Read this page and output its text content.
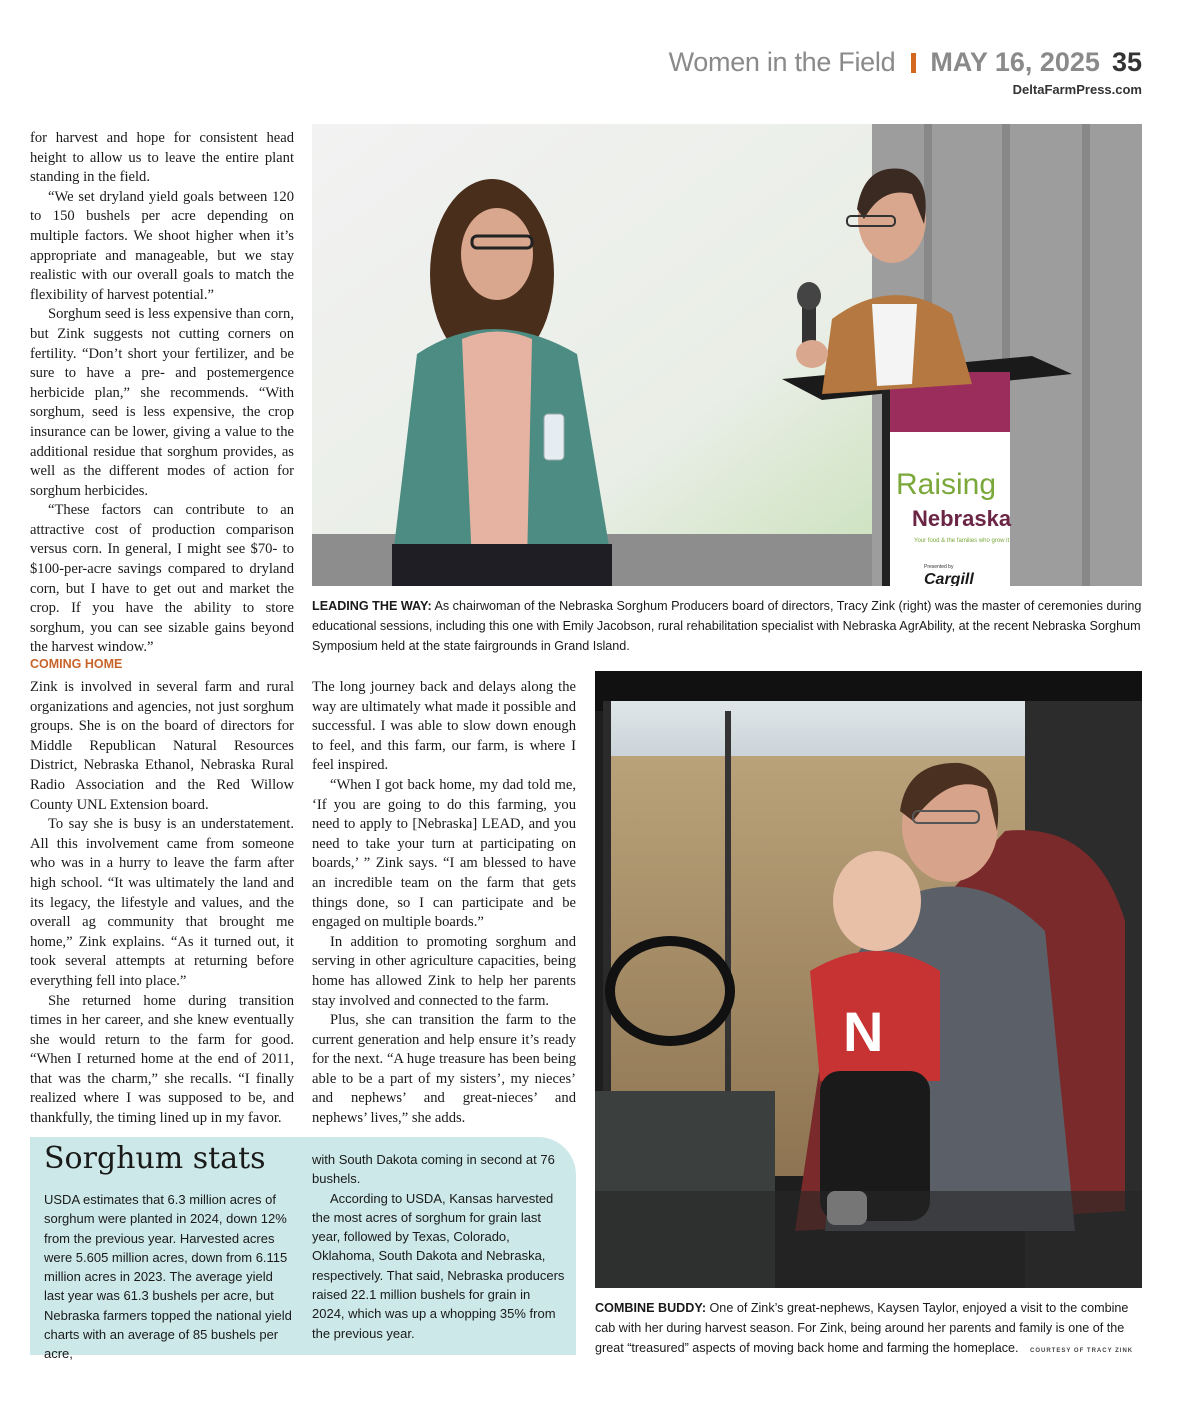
Women in the Field MAY 16, 2025 35
DeltaFarmPress.com

for harvest and hope for consistent head height to allow us to leave the entire plant standing in the field.

“We set dryland yield goals between 120 to 150 bushels per acre depending on multiple factors. We shoot higher when it’s appropriate and manageable, but we stay realistic with our overall goals to match the flexibility of harvest potential.”

Sorghum seed is less expensive than corn, but Zink suggests not cutting corners on fertility. “Don’t short your fertilizer, and be sure to have a pre- and postemergence herbicide plan,” she recommends. “With sorghum, seed is less expensive, the crop insurance can be lower, giving a value to the additional residue that sorghum provides, as well as the different modes of action for sorghum herbicides.

“These factors can contribute to an attractive cost of production comparison versus corn. In general, I might see $70- to $100-per-acre savings compared to dryland corn, but I have to get out and market the crop. If you have the ability to store sorghum, you can see sizable gains beyond the harvest window.”

COMING HOME

Zink is involved in several farm and rural organizations and agencies, not just sorghum groups. She is on the board of directors for Middle Republican Natural Resources District, Nebraska Ethanol, Nebraska Rural Radio Association and the Red Willow County UNL Extension board.

To say she is busy is an understatement. All this involvement came from someone who was in a hurry to leave the farm after high school. “It was ultimately the land and its legacy, the lifestyle and values, and the overall ag community that brought me home,” Zink explains. “As it turned out, it took several attempts at returning before everything fell into place.”

She returned home during transition times in her career, and she knew eventually she would return to the farm for good. “When I returned home at the end of 2011, that was the charm,” she recalls. “I finally realized where I was supposed to be, and thankfully, the timing lined up in my favor.

The long journey back and delays along the way are ultimately what made it possible and successful. I was able to slow down enough to feel, and this farm, our farm, is where I feel inspired.

“When I got back home, my dad told me, ‘If you are going to do this farming, you need to apply to [Nebraska] LEAD, and you need to take your turn at participating on boards,’ ” Zink says. “I am blessed to have an incredible team on the farm that gets things done, so I can participate and be engaged on multiple boards.”

In addition to promoting sorghum and serving in other agriculture capacities, being home has allowed Zink to help her parents stay involved and connected to the farm.

Plus, she can transition the farm to the current generation and help ensure it’s ready for the next. “A huge treasure has been being able to be a part of my sisters’, my nieces’ and nephews’ and great-nieces’ and nephews’ lives,” she adds.

Raising
Nebraska
Your food & the families who grow it
Presented by
Cargill
LEADING THE WAY: As chairwoman of the Nebraska Sorghum Producers board of directors, Tracy Zink (right) was the master of ceremonies during educational sessions, including this one with Emily Jacobson, rural rehabilitation specialist with Nebraska AgrAbility, at the recent Nebraska Sorghum Symposium held at the state fairgrounds in Grand Island.
N
COMBINE BUDDY: One of Zink’s great-nephews, Kaysen Taylor, enjoyed a visit to the combine cab with her during harvest season. For Zink, being around her parents and family is one of the great “treasured” aspects of moving back home and farming the homeplace. COURTESY OF TRACY ZINK
Sorghum stats

USDA estimates that 6.3 million acres of sorghum were planted in 2024, down 12% from the previous year. Harvested acres were 5.605 million acres, down from 6.115 million acres in 2023. The average yield last year was 61.3 bushels per acre, but Nebraska farmers topped the national yield charts with an average of 85 bushels per acre,

with South Dakota coming in second at 76 bushels.

According to USDA, Kansas harvested the most acres of sorghum for grain last year, followed by Texas, Colorado, Oklahoma, South Dakota and Nebraska, respectively. That said, Nebraska producers raised 22.1 million bushels for grain in 2024, which was up a whopping 35% from the previous year.
